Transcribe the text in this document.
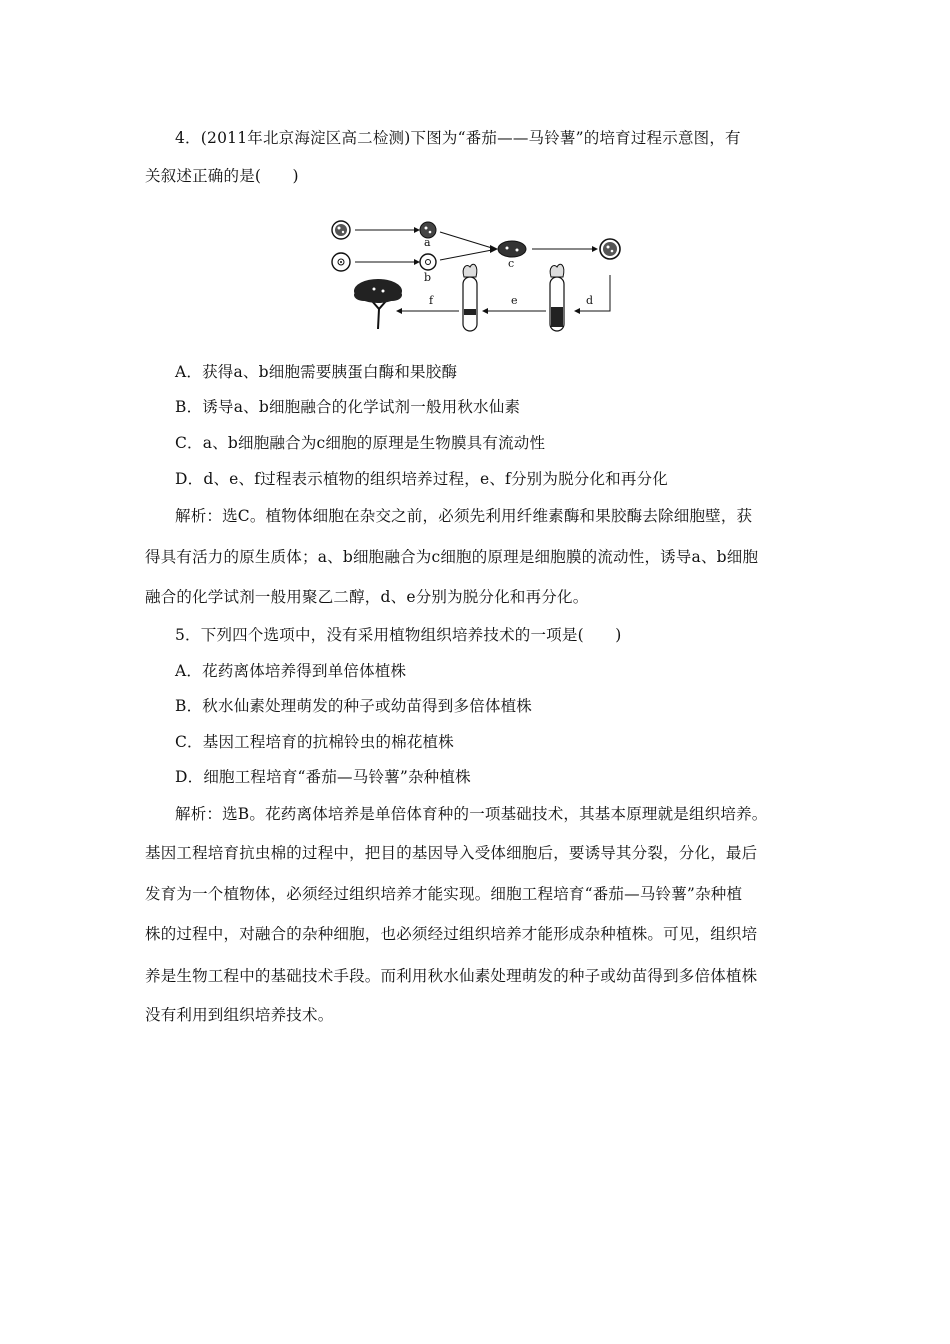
4．(2011年北京海淀区高二检测)下图为“番茄——马铃薯”的培育过程示意图，有
关叙述正确的是(　　)
a
b
c
d
e
f
A．获得a、b细胞需要胰蛋白酶和果胶酶
B．诱导a、b细胞融合的化学试剂一般用秋水仙素
C．a、b细胞融合为c细胞的原理是生物膜具有流动性
D．d、e、f过程表示植物的组织培养过程，e、f分别为脱分化和再分化
解析：选C。植物体细胞在杂交之前，必须先利用纤维素酶和果胶酶去除细胞壁，获
得具有活力的原生质体；a、b细胞融合为c细胞的原理是细胞膜的流动性，诱导a、b细胞
融合的化学试剂一般用聚乙二醇，d、e分别为脱分化和再分化。
5．下列四个选项中，没有采用植物组织培养技术的一项是(　　)
A．花药离体培养得到单倍体植株
B．秋水仙素处理萌发的种子或幼苗得到多倍体植株
C．基因工程培育的抗棉铃虫的棉花植株
D．细胞工程培育“番茄—马铃薯”杂种植株
解析：选B。花药离体培养是单倍体育种的一项基础技术，其基本原理就是组织培养。
基因工程培育抗虫棉的过程中，把目的基因导入受体细胞后，要诱导其分裂，分化，最后
发育为一个植物体，必须经过组织培养才能实现。细胞工程培育“番茄—马铃薯”杂种植
株的过程中，对融合的杂种细胞，也必须经过组织培养才能形成杂种植株。可见，组织培
养是生物工程中的基础技术手段。而利用秋水仙素处理萌发的种子或幼苗得到多倍体植株
没有利用到组织培养技术。
